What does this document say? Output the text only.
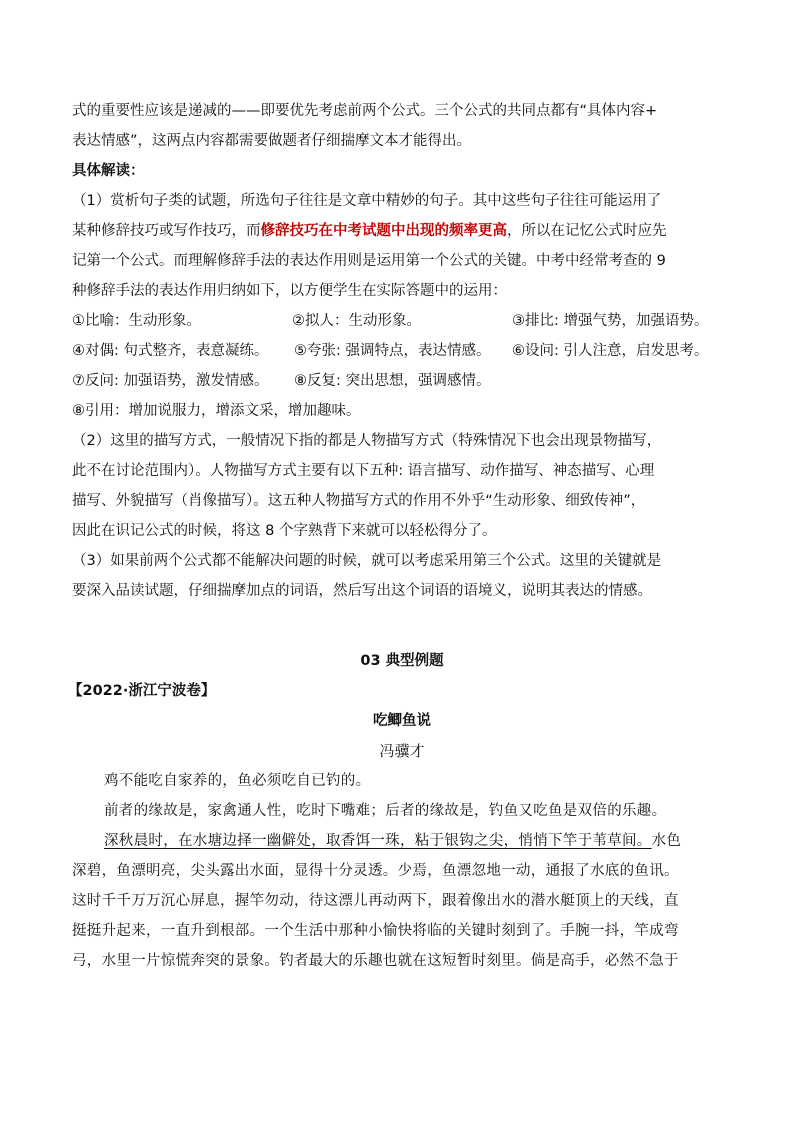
式的重要性应该是递减的——即要优先考虑前两个公式。三个公式的共同点都有“具体内容+

表达情感”，这两点内容都需要做题者仔细揣摩文本才能得出。

具体解读：

（1）赏析句子类的试题，所选句子往往是文章中精妙的句子。其中这些句子往往可能运用了

某种修辞技巧或写作技巧，而修辞技巧在中考试题中出现的频率更高，所以在记忆公式时应先

记第一个公式。而理解修辞手法的表达作用则是运用第一个公式的关键。中考中经常考查的 9

种修辞手法的表达作用归纳如下，以方便学生在实际答题中的运用：

①比喻：生动形象。	②拟人：生动形象。	③排比: 增强气势，加强语势。
④对偶: 句式整齐，表意凝练。 ⑤夸张: 强调特点，表达情感。 ⑥设问: 引人注意，启发思考。
⑦反问: 加强语势，激发情感。 ⑧反复: 突出思想，强调感情。

⑧引用：增加说服力，增添文采，增加趣味。

（2）这里的描写方式，一般情况下指的都是人物描写方式（特殊情况下也会出现景物描写，

此不在讨论范围内）。人物描写方式主要有以下五种: 语言描写、动作描写、神态描写、心理

描写、外貌描写（肖像描写）。这五种人物描写方式的作用不外乎“生动形象、细致传神”，

因此在识记公式的时候，将这 8 个字熟背下来就可以轻松得分了。

（3）如果前两个公式都不能解决问题的时候，就可以考虑采用第三个公式。这里的关键就是

要深入品读试题，仔细揣摩加点的词语，然后写出这个词语的语境义，说明其表达的情感。

03 典型例题

【2022·浙江宁波卷】

吃鲫鱼说

冯骥才

鸡不能吃自家养的，鱼必须吃自已钓的。

前者的缘故是，家禽通人性，吃时下嘴难；后者的缘故是，钓鱼又吃鱼是双倍的乐趣。

深秋晨时，在水塘边择一幽僻处，取香饵一珠，粘于银钩之尖，悄悄下竿于苇草间。水色

深碧，鱼漂明亮，尖头露出水面，显得十分灵透。少焉，鱼漂忽地一动，通报了水底的鱼讯。

这时千千万万沉心屏息，握竿勿动，待这漂儿再动两下，跟着像出水的潜水艇顶上的天线，直

挺挺升起来，一直升到根部。一个生活中那种小愉快将临的关键时刻到了。手腕一抖，竿成弯

弓，水里一片惊慌奔突的景象。钓者最大的乐趣也就在这短暂时刻里。倘是高手，必然不急于
